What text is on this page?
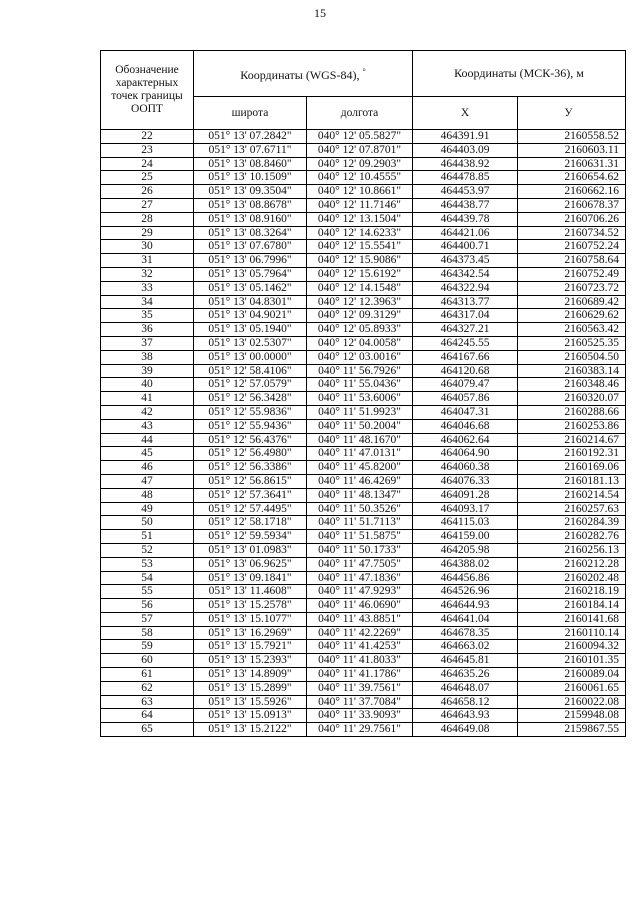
15
Обозначение характерных точек границы ООПТ	Координаты (WGS-84), °		Координаты (МСК-36), м	
	широта	долгота	Х	У
22	051° 13' 07.2842"	040° 12' 05.5827"	464391.91	2160558.52
23	051° 13' 07.6711"	040° 12' 07.8701"	464403.09	2160603.11
24	051° 13' 08.8460"	040° 12' 09.2903"	464438.92	2160631.31
25	051° 13' 10.1509"	040° 12' 10.4555"	464478.85	2160654.62
26	051° 13' 09.3504"	040° 12' 10.8661"	464453.97	2160662.16
27	051° 13' 08.8678"	040° 12' 11.7146"	464438.77	2160678.37
28	051° 13' 08.9160"	040° 12' 13.1504"	464439.78	2160706.26
29	051° 13' 08.3264"	040° 12' 14.6233"	464421.06	2160734.52
30	051° 13' 07.6780"	040° 12' 15.5541"	464400.71	2160752.24
31	051° 13' 06.7996"	040° 12' 15.9086"	464373.45	2160758.64
32	051° 13' 05.7964"	040° 12' 15.6192"	464342.54	2160752.49
33	051° 13' 05.1462"	040° 12' 14.1548"	464322.94	2160723.72
34	051° 13' 04.8301"	040° 12' 12.3963"	464313.77	2160689.42
35	051° 13' 04.9021"	040° 12' 09.3129"	464317.04	2160629.62
36	051° 13' 05.1940"	040° 12' 05.8933"	464327.21	2160563.42
37	051° 13' 02.5307"	040° 12' 04.0058"	464245.55	2160525.35
38	051° 13' 00.0000"	040° 12' 03.0016"	464167.66	2160504.50
39	051° 12' 58.4106"	040° 11' 56.7926"	464120.68	2160383.14
40	051° 12' 57.0579"	040° 11' 55.0436"	464079.47	2160348.46
41	051° 12' 56.3428"	040° 11' 53.6006"	464057.86	2160320.07
42	051° 12' 55.9836"	040° 11' 51.9923"	464047.31	2160288.66
43	051° 12' 55.9436"	040° 11' 50.2004"	464046.68	2160253.86
44	051° 12' 56.4376"	040° 11' 48.1670"	464062.64	2160214.67
45	051° 12' 56.4980"	040° 11' 47.0131"	464064.90	2160192.31
46	051° 12' 56.3386"	040° 11' 45.8200"	464060.38	2160169.06
47	051° 12' 56.8615"	040° 11' 46.4269"	464076.33	2160181.13
48	051° 12' 57.3641"	040° 11' 48.1347"	464091.28	2160214.54
49	051° 12' 57.4495"	040° 11' 50.3526"	464093.17	2160257.63
50	051° 12' 58.1718"	040° 11' 51.7113"	464115.03	2160284.39
51	051° 12' 59.5934"	040° 11' 51.5875"	464159.00	2160282.76
52	051° 13' 01.0983"	040° 11' 50.1733"	464205.98	2160256.13
53	051° 13' 06.9625"	040° 11' 47.7505"	464388.02	2160212.28
54	051° 13' 09.1841"	040° 11' 47.1836"	464456.86	2160202.48
55	051° 13' 11.4608"	040° 11' 47.9293"	464526.96	2160218.19
56	051° 13' 15.2578"	040° 11' 46.0690"	464644.93	2160184.14
57	051° 13' 15.1077"	040° 11' 43.8851"	464641.04	2160141.68
58	051° 13' 16.2969"	040° 11' 42.2269"	464678.35	2160110.14
59	051° 13' 15.7921"	040° 11' 41.4253"	464663.02	2160094.32
60	051° 13' 15.2393"	040° 11' 41.8033"	464645.81	2160101.35
61	051° 13' 14.8909"	040° 11' 41.1786"	464635.26	2160089.04
62	051° 13' 15.2899"	040° 11' 39.7561"	464648.07	2160061.65
63	051° 13' 15.5926"	040° 11' 37.7084"	464658.12	2160022.08
64	051° 13' 15.0913"	040° 11' 33.9093"	464643.93	2159948.08
65	051° 13' 15.2122"	040° 11' 29.7561"	464649.08	2159867.55
